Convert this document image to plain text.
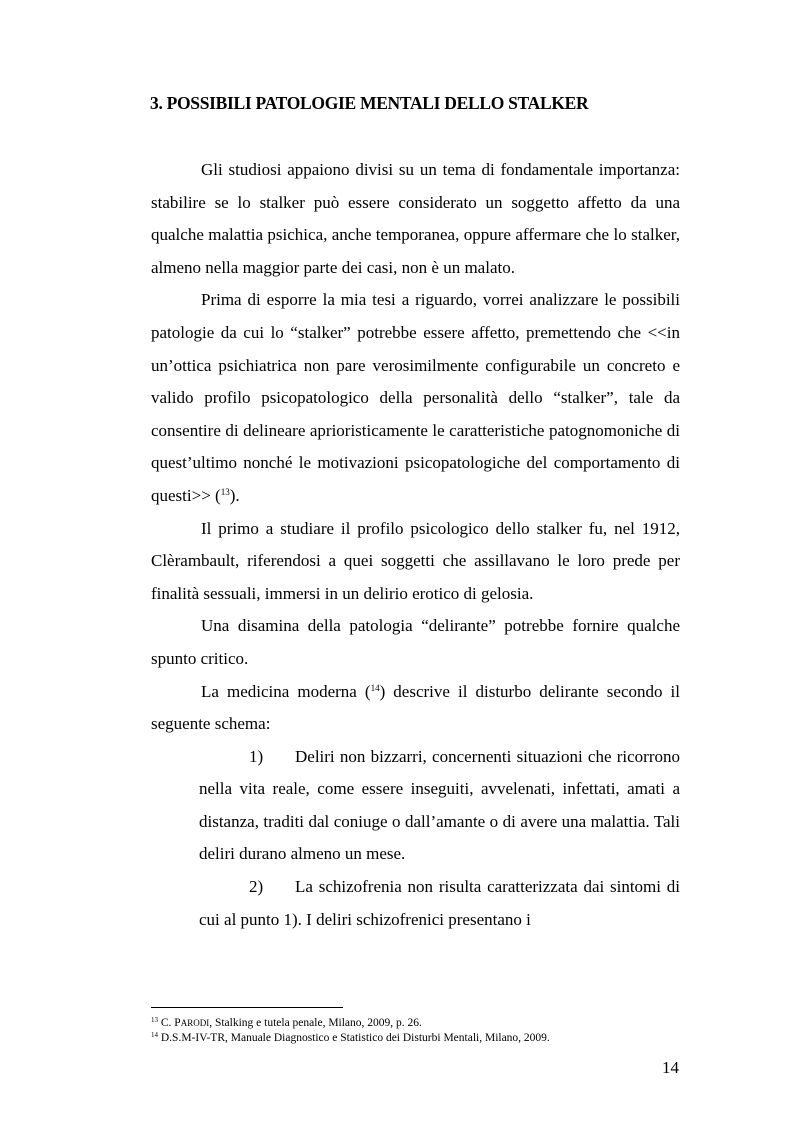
3. POSSIBILI PATOLOGIE MENTALI DELLO STALKER

Gli studiosi appaiono divisi su un tema di fondamentale importanza: stabilire se lo stalker può essere considerato un soggetto affetto da una qualche malattia psichica, anche temporanea, oppure affermare che lo stalker, almeno nella maggior parte dei casi, non è un malato.

Prima di esporre la mia tesi a riguardo, vorrei analizzare le possibili patologie da cui lo “stalker” potrebbe essere affetto, premettendo che <<in un’ottica psichiatrica non pare verosimilmente configurabile un concreto e valido profilo psicopatologico della personalità dello “stalker”, tale da consentire di delineare aprioristicamente le caratteristiche patognomoniche di quest’ultimo nonché le motivazioni psicopatologiche del comportamento di questi>> ($^{13}$).

Il primo a studiare il profilo psicologico dello stalker fu, nel 1912, Clèrambault, riferendosi a quei soggetti che assillavano le loro prede per finalità sessuali, immersi in un delirio erotico di gelosia.

Una disamina della patologia “delirante” potrebbe fornire qualche spunto critico.

La medicina moderna ($^{14}$) descrive il disturbo delirante secondo il seguente schema:

1) Deliri non bizzarri, concernenti situazioni che ricorrono nella vita reale, come essere inseguiti, avvelenati, infettati, amati a distanza, traditi dal coniuge o dall’amante o di avere una malattia. Tali deliri durano almeno un mese.

2) La schizofrenia non risulta caratterizzata dai sintomi di cui al punto 1). I deliri schizofrenici presentano i

$^{13}$ C. PARODI, Stalking e tutela penale, Milano, 2009, p. 26.

$^{14}$ D.S.M-IV-TR, Manuale Diagnostico e Statistico dei Disturbi Mentali, Milano, 2009.

14
